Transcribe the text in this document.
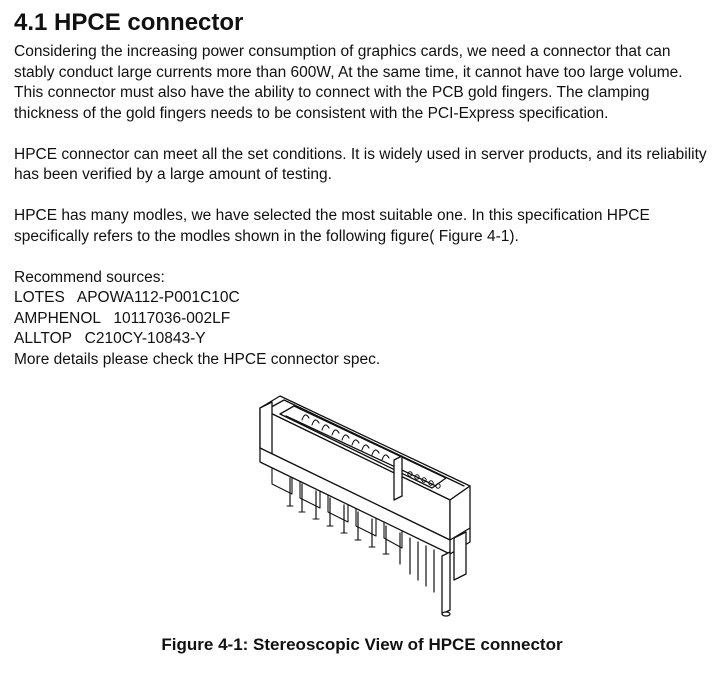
4.1 HPCE connector

Considering the increasing power consumption of graphics cards, we need a connector that can stably conduct large currents more than 600W, At the same time, it cannot have too large volume. This connector must also have the ability to connect with the PCB gold fingers. The clamping thickness of the gold fingers needs to be consistent with the PCI-Express specification.

HPCE connector can meet all the set conditions. It is widely used in server products, and its reliability has been verified by a large amount of testing.

HPCE has many modles, we have selected the most suitable one. In this specification HPCE specifically refers to the modles shown in the following figure( Figure 4-1).

Recommend sources:
LOTES   APOWA112-P001C10C
AMPHENOL   10117036-002LF
ALLTOP   C210CY-10843-Y
More details please check the HPCE connector spec.
Figure 4-1: Stereoscopic View of HPCE connector
